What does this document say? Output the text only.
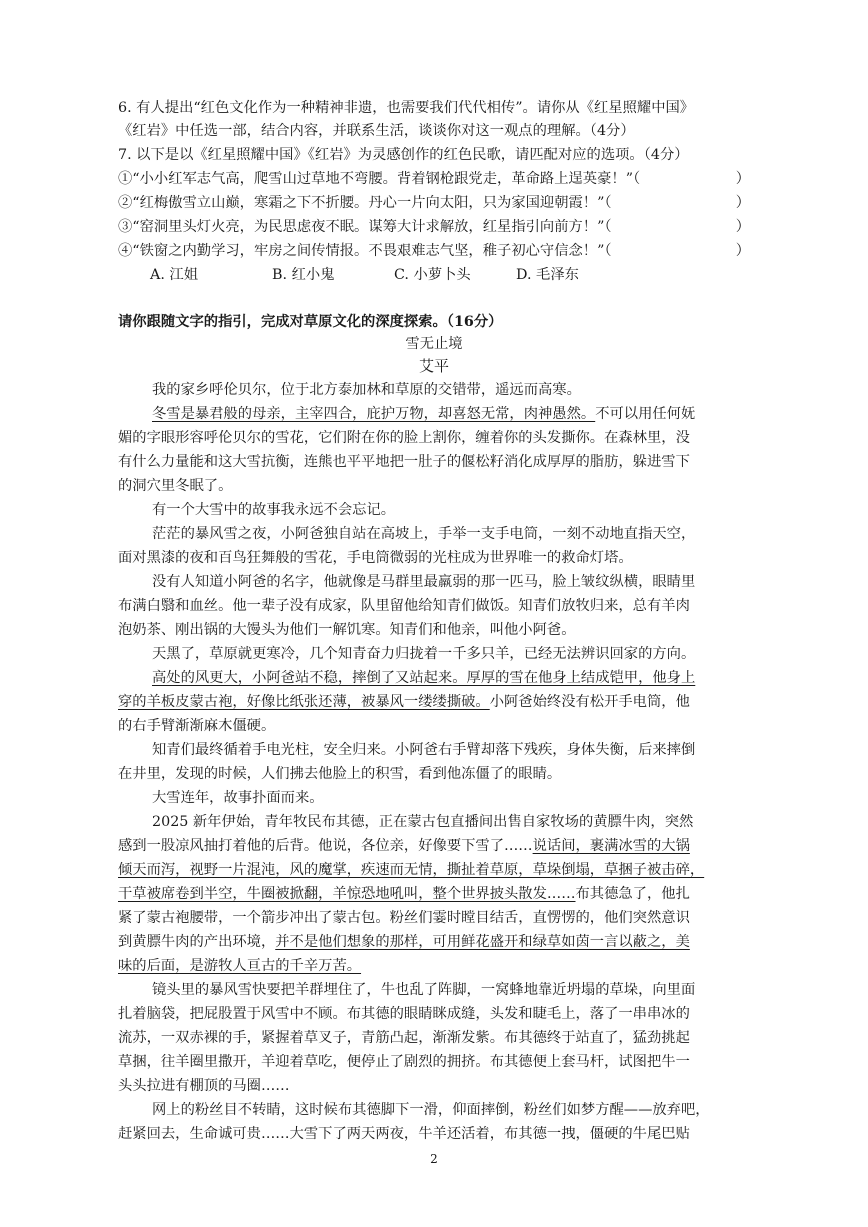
6. 有人提出“红色文化作为一种精神非遗，也需要我们代代相传”。请你从《红星照耀中国》
《红岩》中任选一部，结合内容，并联系生活，谈谈你对这一观点的理解。（4分）
7. 以下是以《红星照耀中国》《红岩》为灵感创作的红色民歌，请匹配对应的选项。（4分）
①“小小红军志气高，爬雪山过草地不弯腰。背着钢枪跟党走，革命路上逞英豪！”（	）
②“红梅傲雪立山巅，寒霜之下不折腰。丹心一片向太阳，只为家国迎朝霞！”（	）
③“窑洞里头灯火亮，为民思虑夜不眠。谋筹大计求解放，红星指引向前方！”（	）
④“铁窗之内勤学习，牢房之间传情报。不畏艰难志气坚，稚子初心守信念！”（	）
A. 江姐	B. 红小鬼	C. 小萝卜头	D. 毛泽东
请你跟随文字的指引，完成对草原文化的深度探索。（16分）
雪无止境
艾平
我的家乡呼伦贝尔，位于北方泰加林和草原的交错带，遥远而高寒。
冬雪是暴君般的母亲，主宰四合，庇护万物，却喜怒无常，肉神愚然。不可以用任何妩
媚的字眼形容呼伦贝尔的雪花，它们附在你的脸上割你，缠着你的头发撕你。在森林里，没
有什么力量能和这大雪抗衡，连熊也平平地把一肚子的偃松籽消化成厚厚的脂肪，躲进雪下
的洞穴里冬眠了。
有一个大雪中的故事我永远不会忘记。
茫茫的暴风雪之夜，小阿爸独自站在高坡上，手举一支手电筒，一刻不动地直指天空，
面对黑漆的夜和百鸟狂舞般的雪花，手电筒微弱的光柱成为世界唯一的救命灯塔。
没有人知道小阿爸的名字，他就像是马群里最羸弱的那一匹马，脸上皱纹纵横，眼睛里
布满白翳和血丝。他一辈子没有成家，队里留他给知青们做饭。知青们放牧归来，总有羊肉
泡奶茶、刚出锅的大馒头为他们一解饥寒。知青们和他亲，叫他小阿爸。
天黑了，草原就更寒冷，几个知青奋力归拢着一千多只羊，已经无法辨识回家的方向。
高处的风更大，小阿爸站不稳，摔倒了又站起来。厚厚的雪在他身上结成铠甲，他身上
穿的羊板皮蒙古袍，好像比纸张还薄，被暴风一缕缕撕破。小阿爸始终没有松开手电筒，他
的右手臂渐渐麻木僵硬。
知青们最终循着手电光柱，安全归来。小阿爸右手臂却落下残疾，身体失衡，后来摔倒
在井里，发现的时候，人们拂去他脸上的积雪，看到他冻僵了的眼睛。
大雪连年，故事扑面而来。
2025 新年伊始，青年牧民布其德，正在蒙古包直播间出售自家牧场的黄膘牛肉，突然
感到一股凉风抽打着他的后背。他说，各位亲，好像要下雪了……说话间，裹满冰雪的大锅
倾天而泻，视野一片混沌，风的魔掌，疾速而无情，撕扯着草原，草垛倒塌，草捆子被击碎，
干草被席卷到半空，牛圈被掀翻，羊惊恐地吼叫，整个世界披头散发……布其德急了，他扎
紧了蒙古袍腰带，一个箭步冲出了蒙古包。粉丝们霎时瞠目结舌，直愣愣的，他们突然意识
到黄膘牛肉的产出环境，并不是他们想象的那样，可用鲜花盛开和绿草如茵一言以蔽之，美
味的后面，是游牧人亘古的千辛万苦。
镜头里的暴风雪快要把羊群埋住了，牛也乱了阵脚，一窝蜂地靠近坍塌的草垛，向里面
扎着脑袋，把屁股置于风雪中不顾。布其德的眼睛眯成缝，头发和睫毛上，落了一串串冰的
流苏，一双赤裸的手，紧握着草叉子，青筋凸起，渐渐发紫。布其德终于站直了，猛劲挑起
草捆，往羊圈里撒开，羊迎着草吃，便停止了剧烈的拥挤。布其德便上套马杆，试图把牛一
头头拉进有棚顶的马圈……
网上的粉丝目不转睛，这时候布其德脚下一滑，仰面摔倒，粉丝们如梦方醒——放弃吧，
赶紧回去，生命诚可贵……大雪下了两天两夜，牛羊还活着，布其德一拽，僵硬的牛尾巴贴
2
